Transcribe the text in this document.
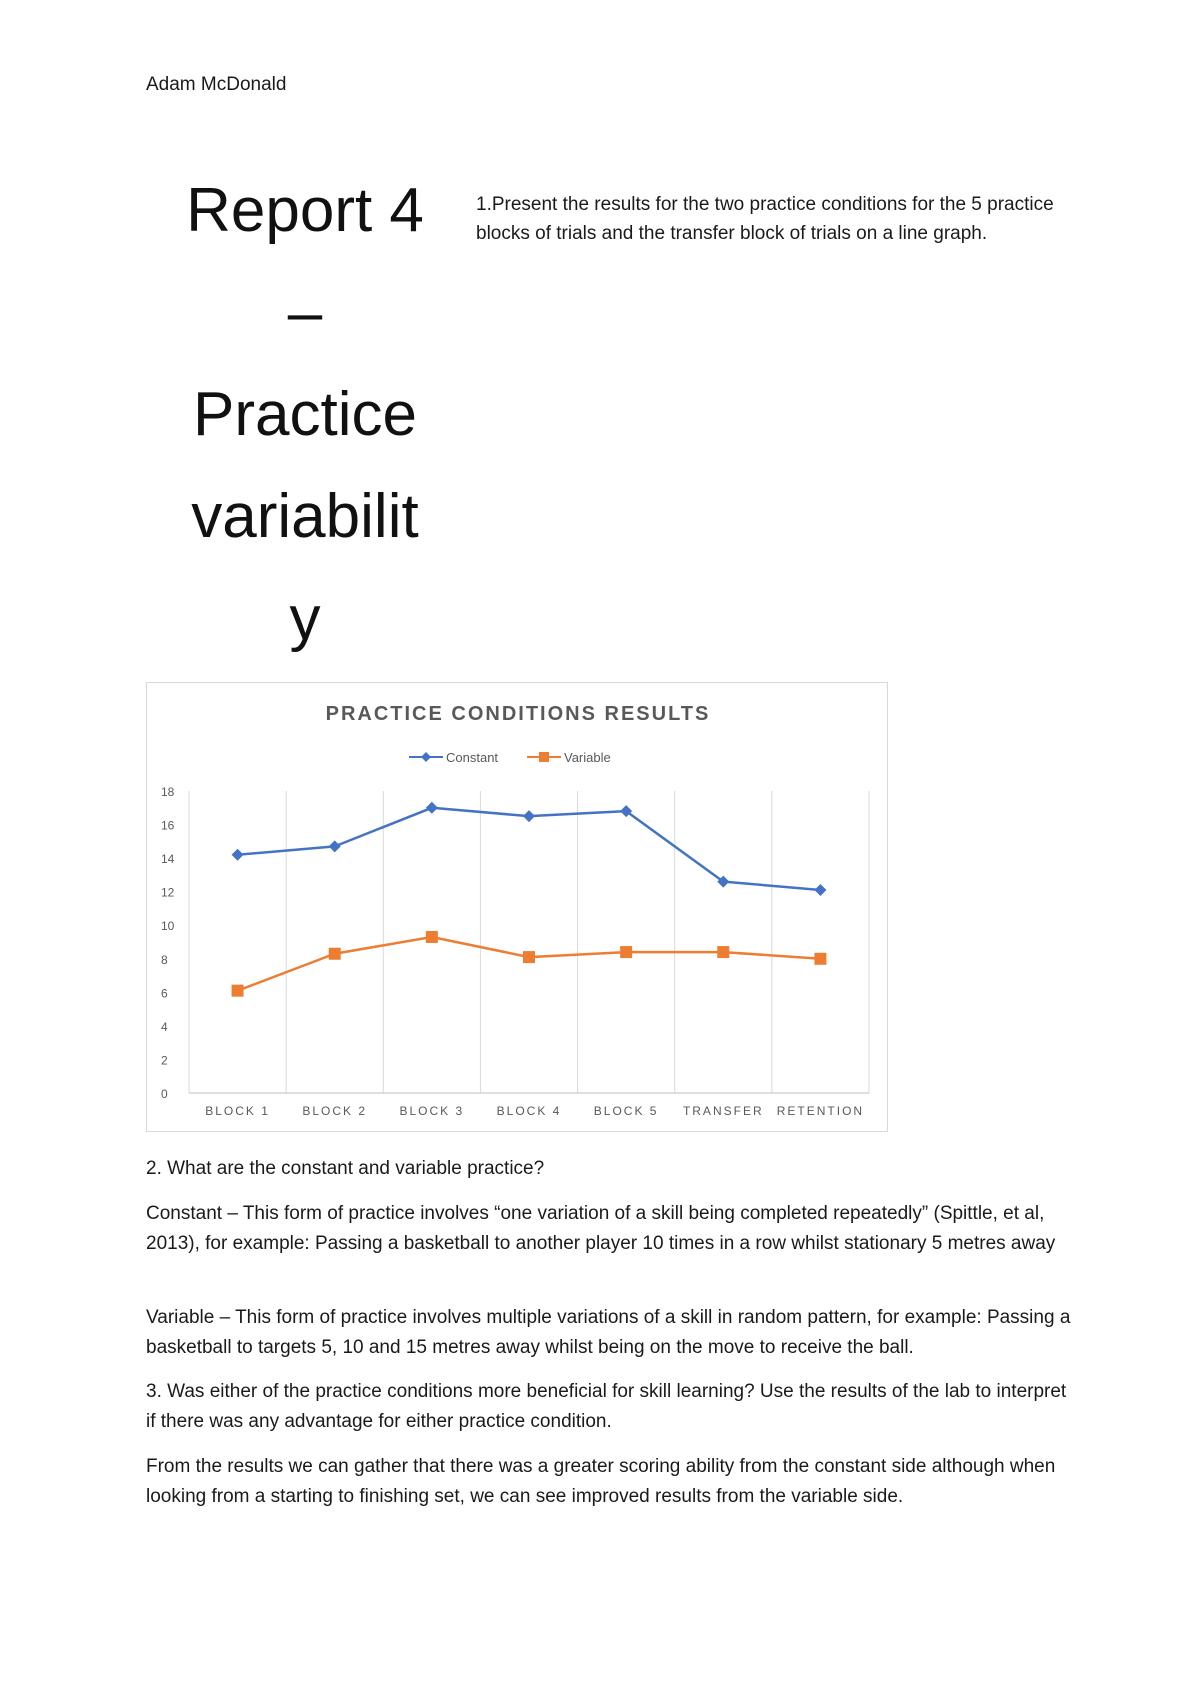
Adam McDonald
Report 4
–
Practice
variabilit
y
1.Present the results for the two practice conditions for the 5 practice blocks of trials and the transfer block of trials on a line graph.
PRACTICE CONDITIONS RESULTS
Constant	Variable
0
2
4
6
8
10
12
14
16
18
BLOCK 1	BLOCK 2	BLOCK 3	BLOCK 4	BLOCK 5 TRANSFER RETENTION

2. What are the constant and variable practice?

Constant – This form of practice involves “one variation of a skill being completed repeatedly” (Spittle, et al, 2013), for example: Passing a basketball to another player 10 times in a row whilst stationary 5 metres away

Variable – This form of practice involves multiple variations of a skill in random pattern, for example: Passing a basketball to targets 5, 10 and 15 metres away whilst being on the move to receive the ball.

3. Was either of the practice conditions more beneficial for skill learning? Use the results of the lab to interpret if there was any advantage for either practice condition.

From the results we can gather that there was a greater scoring ability from the constant side although when looking from a starting to finishing set, we can see improved results from the variable side.
